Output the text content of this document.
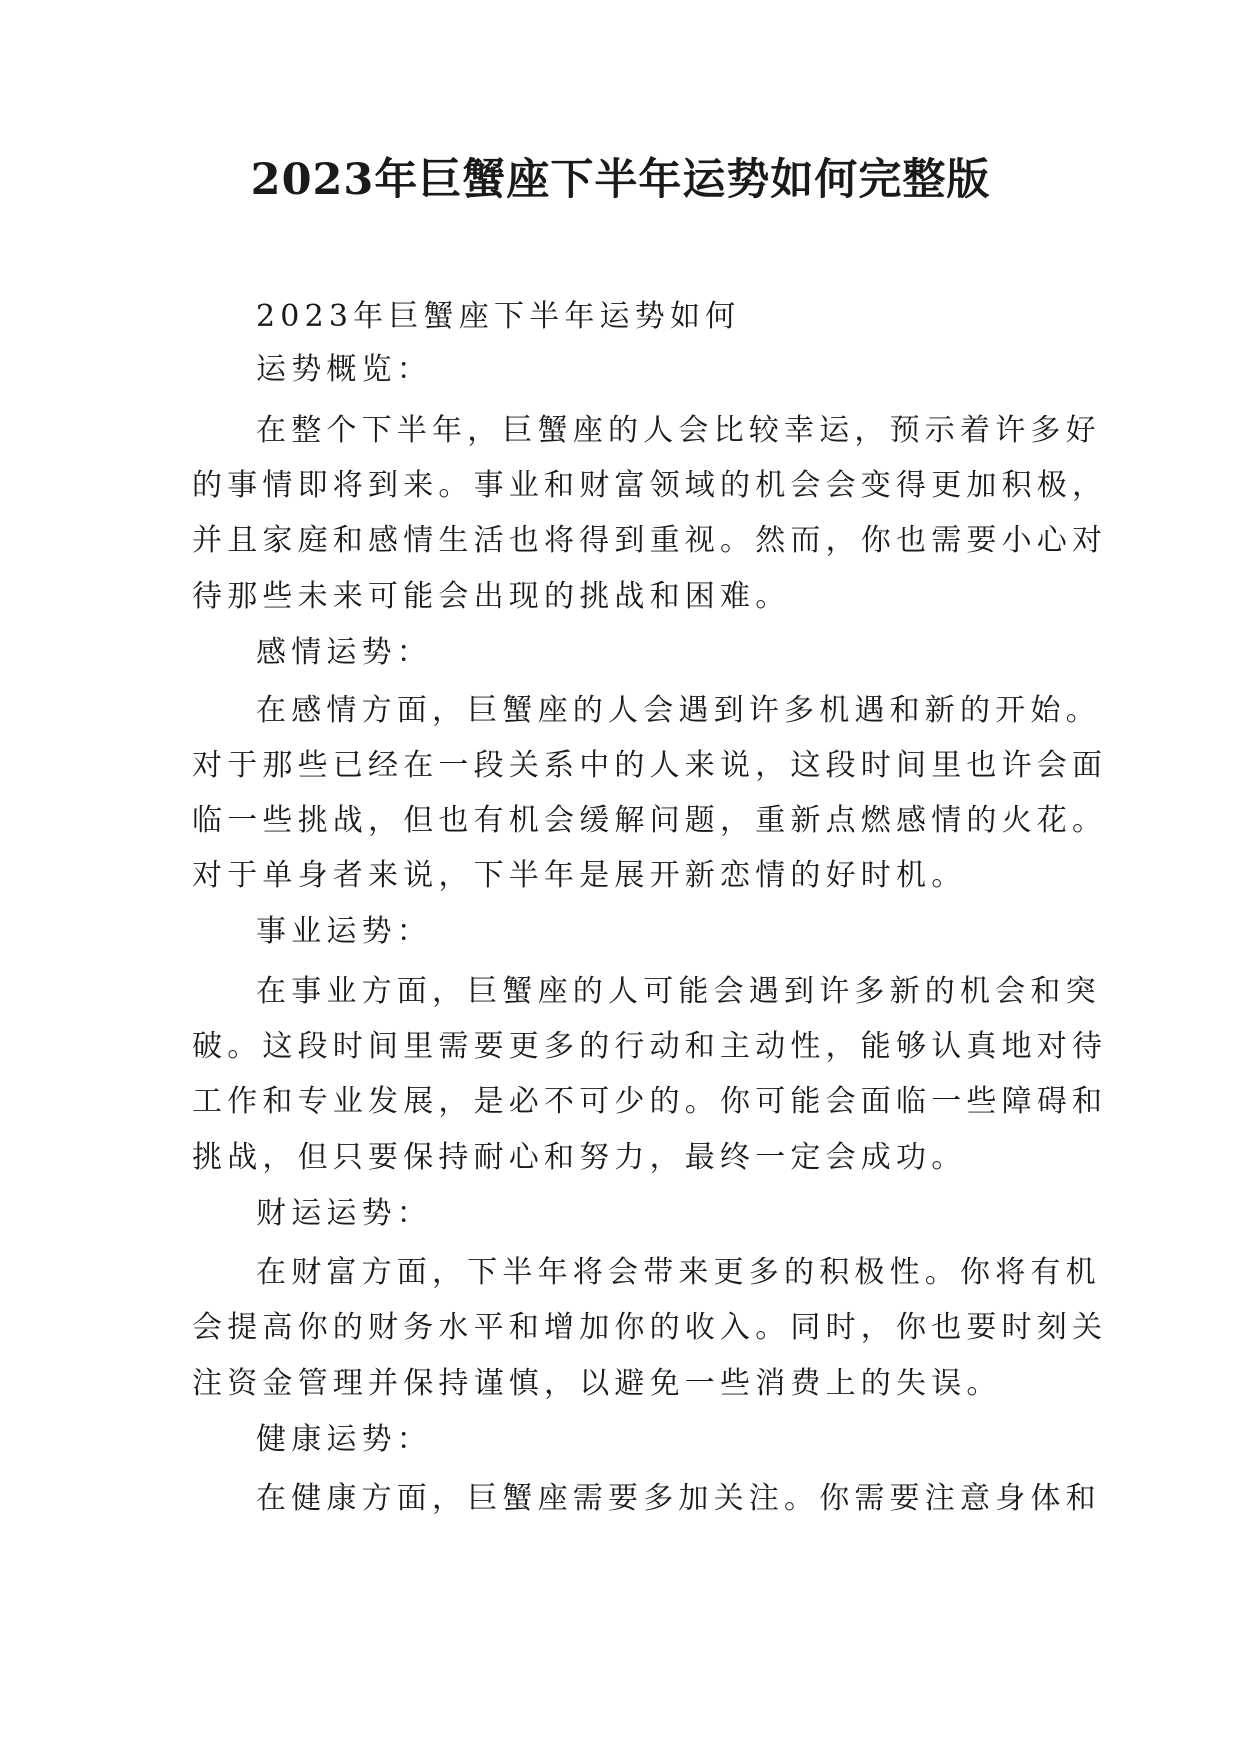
2023年巨蟹座下半年运势如何完整版
2023年巨蟹座下半年运势如何
运势概览：
在整个下半年，巨蟹座的人会比较幸运，预示着许多好
的事情即将到来。事业和财富领域的机会会变得更加积极，
并且家庭和感情生活也将得到重视。然而，你也需要小心对
待那些未来可能会出现的挑战和困难。
感情运势：
在感情方面，巨蟹座的人会遇到许多机遇和新的开始。
对于那些已经在一段关系中的人来说，这段时间里也许会面
临一些挑战，但也有机会缓解问题，重新点燃感情的火花。
对于单身者来说，下半年是展开新恋情的好时机。
事业运势：
在事业方面，巨蟹座的人可能会遇到许多新的机会和突
破。这段时间里需要更多的行动和主动性，能够认真地对待
工作和专业发展，是必不可少的。你可能会面临一些障碍和
挑战，但只要保持耐心和努力，最终一定会成功。
财运运势：
在财富方面，下半年将会带来更多的积极性。你将有机
会提高你的财务水平和增加你的收入。同时，你也要时刻关
注资金管理并保持谨慎，以避免一些消费上的失误。
健康运势：
在健康方面，巨蟹座需要多加关注。你需要注意身体和
